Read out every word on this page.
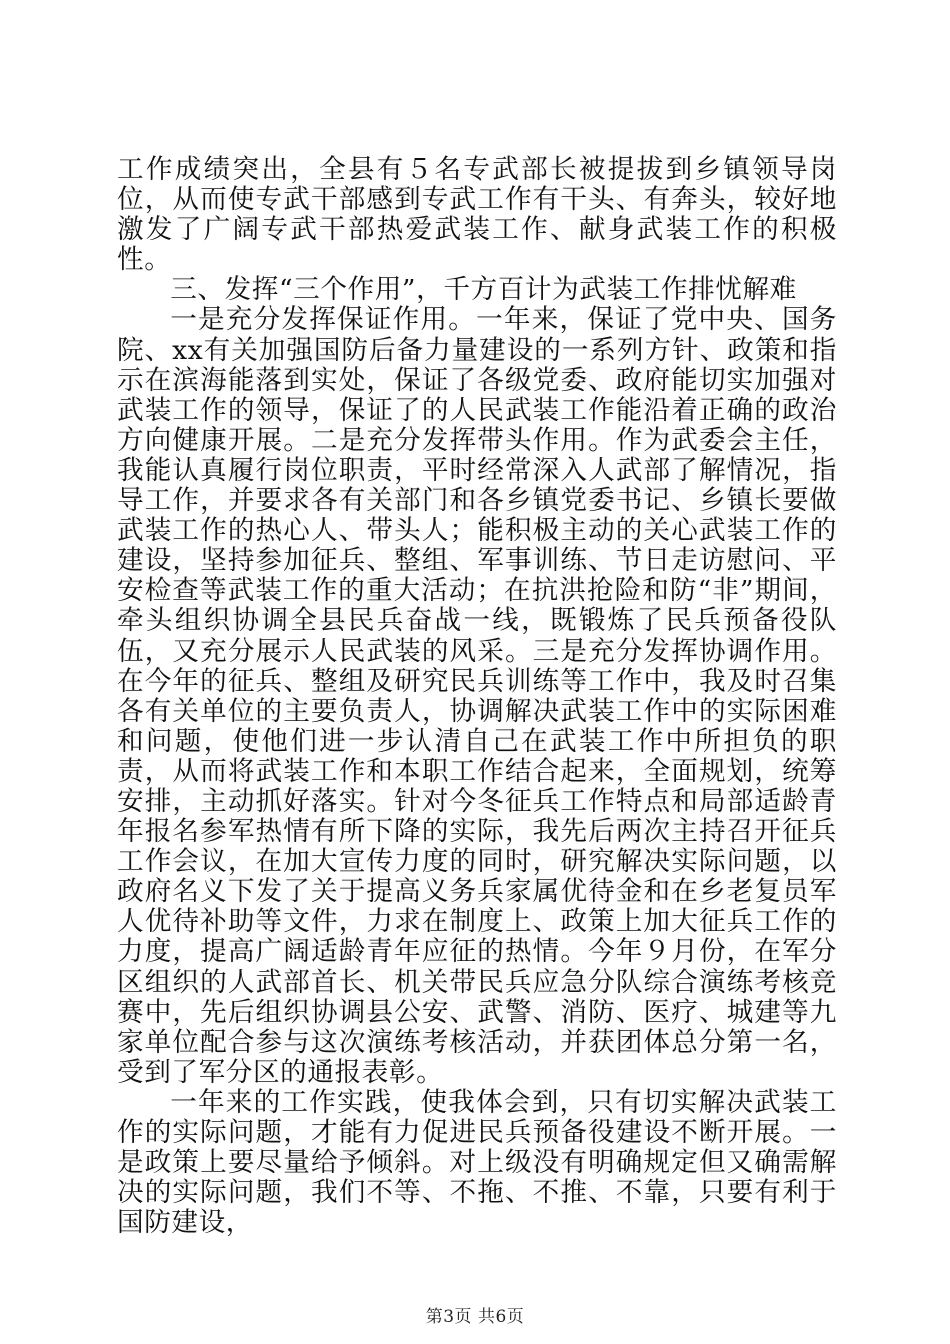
工作成绩突出，全县有５名专武部长被提拔到乡镇领导岗位，从而使专武干部感到专武工作有干头、有奔头，较好地激发了广阔专武干部热爱武装工作、献身武装工作的积极性。

三、发挥“三个作用”，千方百计为武装工作排忧解难

一是充分发挥保证作用。一年来，保证了党中央、国务院、xx有关加强国防后备力量建设的一系列方针、政策和指示在滨海能落到实处，保证了各级党委、政府能切实加强对武装工作的领导，保证了的人民武装工作能沿着正确的政治方向健康开展。二是充分发挥带头作用。作为武委会主任，我能认真履行岗位职责，平时经常深入人武部了解情况，指导工作，并要求各有关部门和各乡镇党委书记、乡镇长要做武装工作的热心人、带头人；能积极主动的关心武装工作的建设，坚持参加征兵、整组、军事训练、节日走访慰问、平安检查等武装工作的重大活动；在抗洪抢险和防“非”期间，牵头组织协调全县民兵奋战一线，既锻炼了民兵预备役队伍，又充分展示人民武装的风采。三是充分发挥协调作用。在今年的征兵、整组及研究民兵训练等工作中，我及时召集各有关单位的主要负责人，协调解决武装工作中的实际困难和问题，使他们进一步认清自己在武装工作中所担负的职责，从而将武装工作和本职工作结合起来，全面规划，统筹安排，主动抓好落实。针对今冬征兵工作特点和局部适龄青年报名参军热情有所下降的实际，我先后两次主持召开征兵工作会议，在加大宣传力度的同时，研究解决实际问题，以政府名义下发了关于提高义务兵家属优待金和在乡老复员军人优待补助等文件，力求在制度上、政策上加大征兵工作的力度，提高广阔适龄青年应征的热情。今年９月份，在军分区组织的人武部首长、机关带民兵应急分队综合演练考核竞赛中，先后组织协调县公安、武警、消防、医疗、城建等九家单位配合参与这次演练考核活动，并获团体总分第一名，受到了军分区的通报表彰。

一年来的工作实践，使我体会到，只有切实解决武装工作的实际问题，才能有力促进民兵预备役建设不断开展。一是政策上要尽量给予倾斜。对上级没有明确规定但又确需解决的实际问题，我们不等、不拖、不推、不靠，只要有利于国防建设，

第3页 共6页
